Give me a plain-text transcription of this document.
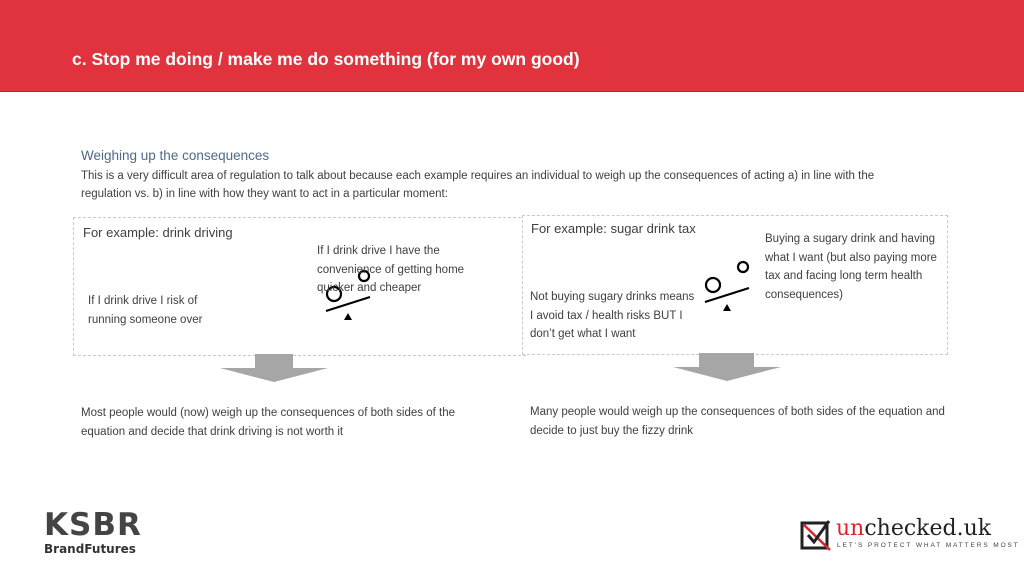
c. Stop me doing / make me do something (for my own good)
Weighing up the consequences
This is a very difficult area of regulation to talk about because each example requires an individual to weigh up the consequences of acting a) in line with the regulation vs. b) in line with how they want to act in a particular moment:
For example: drink driving
If I drink drive I risk of running someone over
If I drink drive I have the convenience of getting home quicker and cheaper
For example: sugar drink tax
Not buying sugary drinks means I avoid tax / health risks BUT I don’t get what I want
Buying a sugary drink and having what I want (but also paying more tax and facing long term health consequences)
Most people would (now) weigh up the consequences of both sides of the equation and decide that drink driving is not worth it
Many people would weigh up the consequences of both sides of the equation and decide to just buy the fizzy drink
KSBR
BrandFutures
unchecked.uk
LET’S PROTECT WHAT MATTERS MOST
